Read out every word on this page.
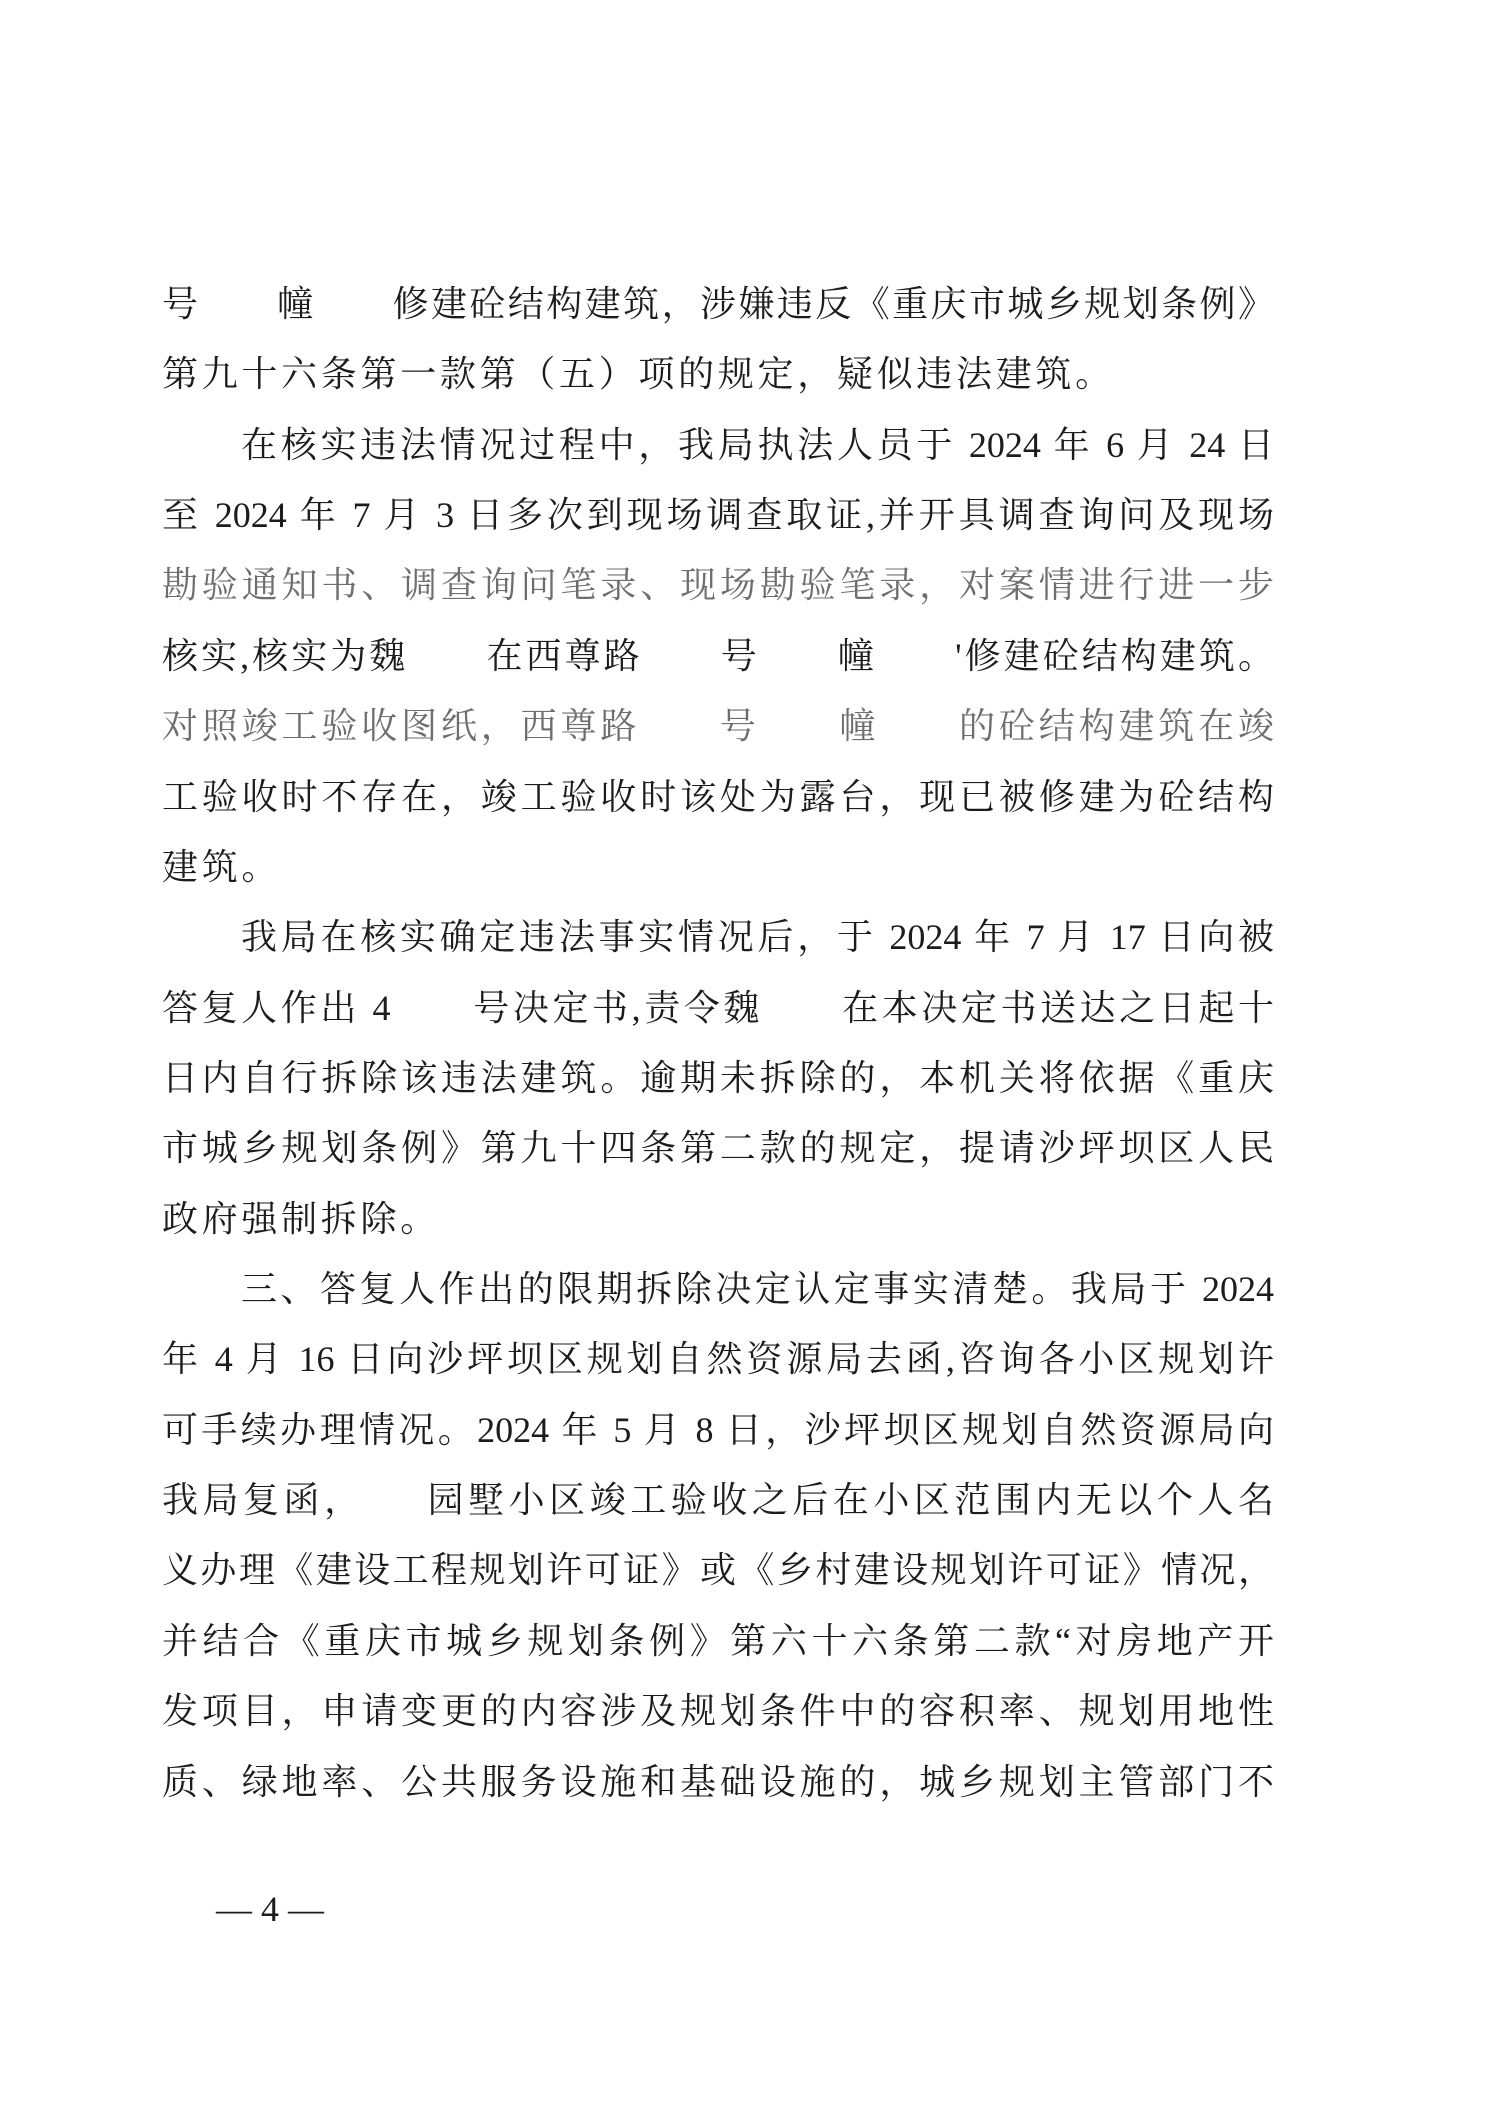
号　　幢　　修建砼结构建筑，涉嫌违反《重庆市城乡规划条例》
第九十六条第一款第（五）项的规定，疑似违法建筑。
在核实违法情况过程中，我局执法人员于 2024 年 6 月 24 日
至 2024 年 7 月 3 日多次到现场调查取证,并开具调查询问及现场
勘验通知书、调查询问笔录、现场勘验笔录，对案情进行进一步
核实,核实为魏　　在西尊路　　号　　幢　　'修建砼结构建筑。
对照竣工验收图纸，西尊路　　号　　幢　　的砼结构建筑在竣
工验收时不存在，竣工验收时该处为露台，现已被修建为砼结构
建筑。
我局在核实确定违法事实情况后，于 2024 年 7 月 17 日向被
答复人作出 4　　号决定书,责令魏　　在本决定书送达之日起十
日内自行拆除该违法建筑。逾期未拆除的，本机关将依据《重庆
市城乡规划条例》第九十四条第二款的规定，提请沙坪坝区人民
政府强制拆除。
三、答复人作出的限期拆除决定认定事实清楚。我局于 2024
年 4 月 16 日向沙坪坝区规划自然资源局去函,咨询各小区规划许
可手续办理情况。2024 年 5 月 8 日，沙坪坝区规划自然资源局向
我局复函，　　园墅小区竣工验收之后在小区范围内无以个人名
义办理《建设工程规划许可证》或《乡村建设规划许可证》情况，
并结合《重庆市城乡规划条例》第六十六条第二款“对房地产开
发项目，申请变更的内容涉及规划条件中的容积率、规划用地性
质、绿地率、公共服务设施和基础设施的，城乡规划主管部门不
— 4 —
